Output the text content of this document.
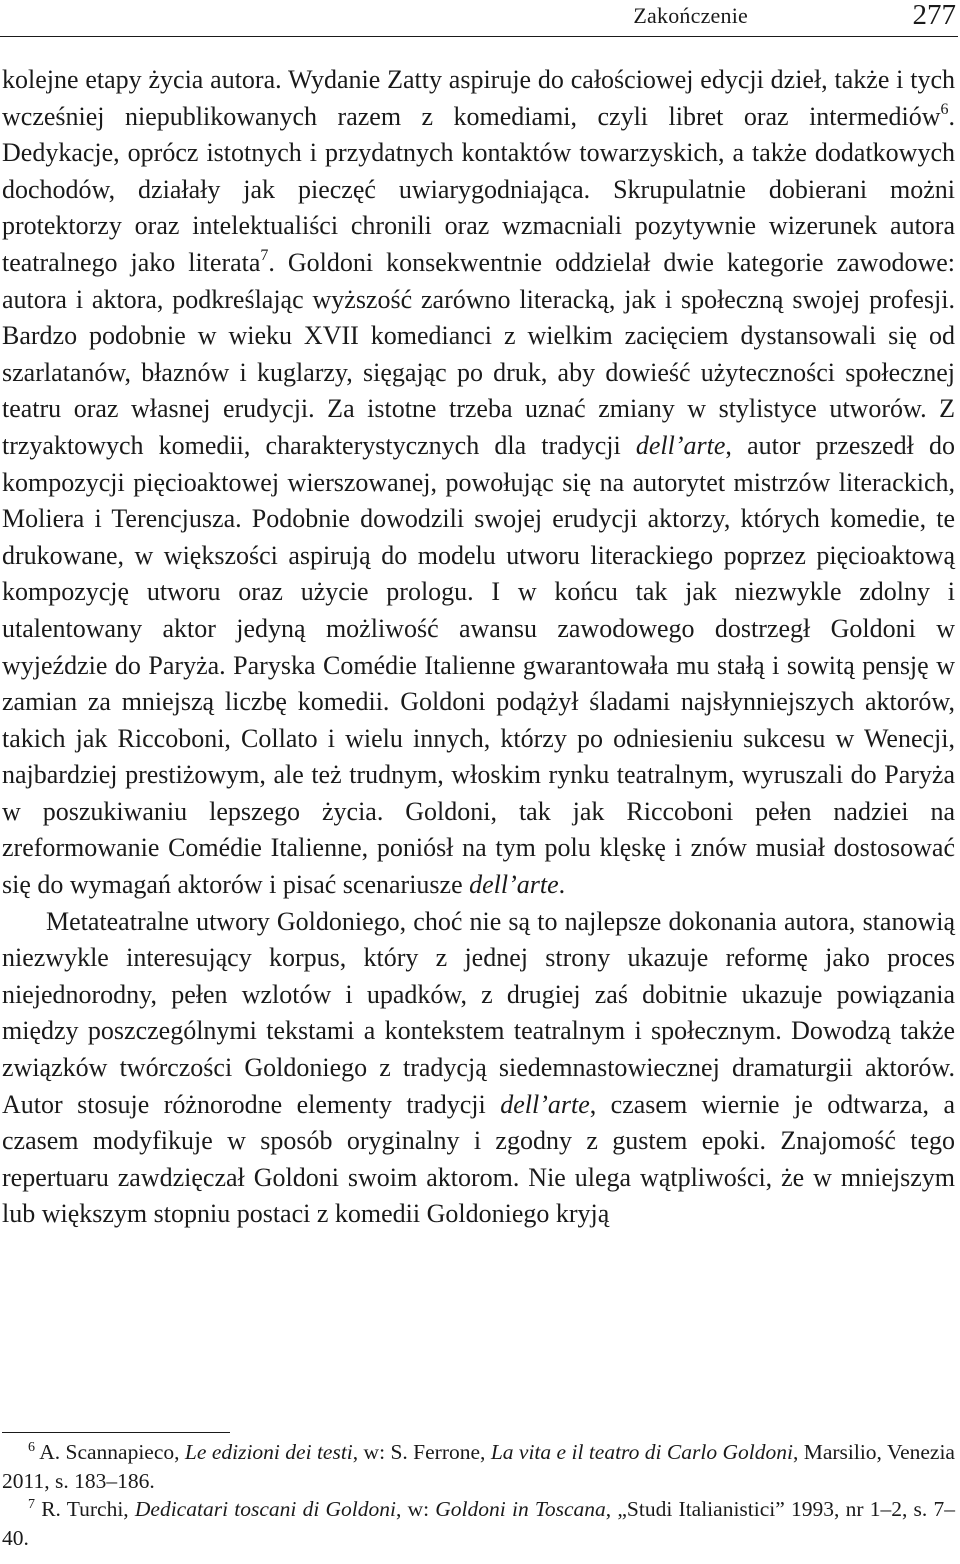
Zakończenie	277

kolejne etapy życia autora. Wydanie Zatty aspiruje do całościowej edycji dzieł, także i tych wcześniej niepublikowanych razem z komediami, czyli libret oraz intermediów$^6$. Dedykacje, oprócz istotnych i przydatnych kontaktów towarzyskich, a także dodatkowych dochodów, działały jak pieczęć uwiarygodniająca. Skrupulatnie dobierani możni protektorzy oraz intelektualiści chronili oraz wzmacniali pozytywnie wizerunek autora teatralnego jako literata$^7$. Goldoni konsekwentnie oddzielał dwie kategorie zawodowe: autora i aktora, podkreślając wyższość zarówno literacką, jak i społeczną swojej profesji. Bardzo podobnie w wieku XVII komedianci z wielkim zacięciem dystansowali się od szarlatanów, błaznów i kuglarzy, sięgając po druk, aby dowieść użyteczności społecznej teatru oraz własnej erudycji. Za istotne trzeba uznać zmiany w stylistyce utworów. Z trzyaktowych komedii, charakterystycznych dla tradycji dell’arte, autor przeszedł do kompozycji pięcioaktowej wierszowanej, powołując się na autorytet mistrzów literackich, Moliera i Terencjusza. Podobnie dowodzili swojej erudycji aktorzy, których komedie, te drukowane, w większości aspirują do modelu utworu literackiego poprzez pięcioaktową kompozycję utworu oraz użycie prologu. I w końcu tak jak niezwykle zdolny i utalentowany aktor jedyną możliwość awansu zawodowego dostrzegł Goldoni w wyjeździe do Paryża. Paryska Comédie Italienne gwarantowała mu stałą i sowitą pensję w zamian za mniejszą liczbę komedii. Goldoni podążył śladami najsłynniejszych aktorów, takich jak Riccoboni, Collato i wielu innych, którzy po odniesieniu sukcesu w Wenecji, najbardziej prestiżowym, ale też trudnym, włoskim rynku teatralnym, wyruszali do Paryża w poszukiwaniu lepszego życia. Goldoni, tak jak Riccoboni pełen nadziei na zreformowanie Comédie Italienne, poniósł na tym polu klęskę i znów musiał dostosować się do wymagań aktorów i pisać scenariusze dell’arte.

Metateatralne utwory Goldoniego, choć nie są to najlepsze dokonania autora, stanowią niezwykle interesujący korpus, który z jednej strony ukazuje reformę jako proces niejednorodny, pełen wzlotów i upadków, z drugiej zaś dobitnie ukazuje powiązania między poszczególnymi tekstami a kontekstem teatralnym i społecznym. Dowodzą także związków twórczości Goldoniego z tradycją siedemnastowiecznej dramaturgii aktorów. Autor stosuje różnorodne elementy tradycji dell’arte, czasem wiernie je odtwarza, a czasem modyfikuje w sposób oryginalny i zgodny z gustem epoki. Znajomość tego repertuaru zawdzięczał Goldoni swoim aktorom. Nie ulega wątpliwości, że w mniejszym lub większym stopniu postaci z komedii Goldoniego kryją

$^6$ A. Scannapieco, Le edizioni dei testi, w: S. Ferrone, La vita e il teatro di Carlo Goldoni, Marsilio, Venezia 2011, s. 183–186.

$^7$ R. Turchi, Dedicatari toscani di Goldoni, w: Goldoni in Toscana, „Studi Italianistici” 1993, nr 1–2, s. 7–40.
